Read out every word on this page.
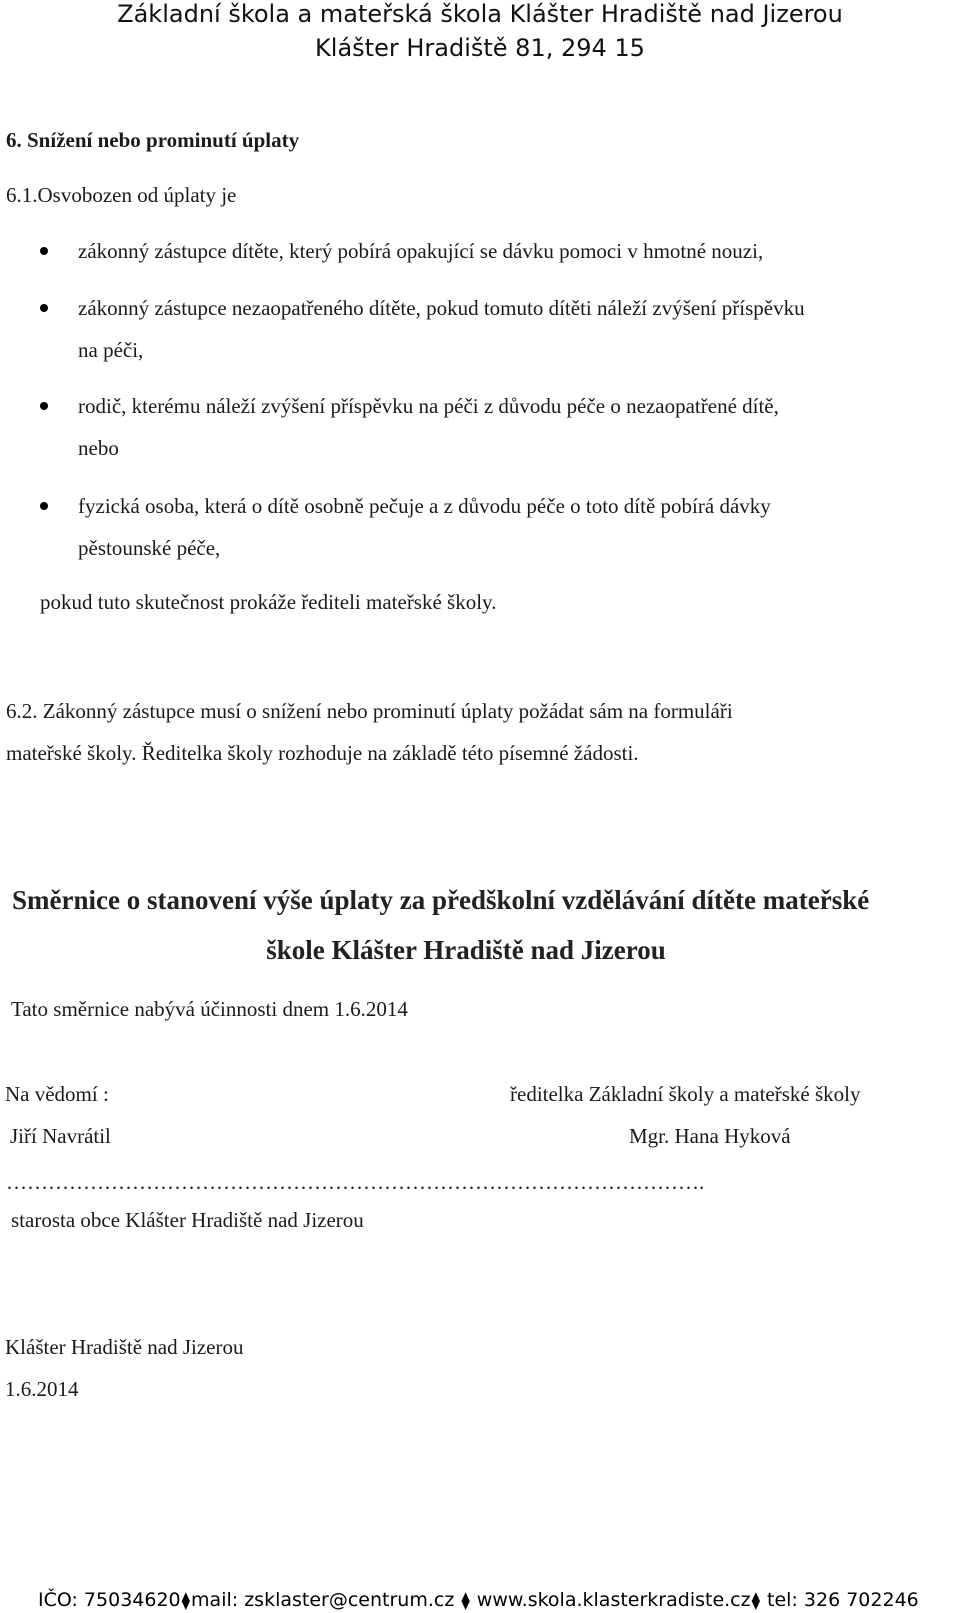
Základní škola a mateřská škola Klášter Hradiště nad Jizerou
Klášter Hradiště 81, 294 15
6. Snížení nebo prominutí úplaty
6.1.Osvobozen od úplaty je
zákonný zástupce dítěte, který pobírá opakující se dávku pomoci v hmotné nouzi,
zákonný zástupce nezaopatřeného dítěte, pokud tomuto dítěti náleží zvýšení příspěvku
na péči,
rodič, kterému náleží zvýšení příspěvku na péči z důvodu péče o nezaopatřené dítě,
nebo
fyzická osoba, která o dítě osobně pečuje a z důvodu péče o toto dítě pobírá dávky
pěstounské péče,
pokud tuto skutečnost prokáže řediteli mateřské školy.
6.2. Zákonný zástupce musí o snížení nebo prominutí úplaty požádat sám na formuláři
mateřské školy. Ředitelka školy rozhoduje na základě této písemné žádosti.
Směrnice o stanovení výše úplaty za předškolní vzdělávání dítěte mateřské
škole Klášter Hradiště nad Jizerou
Tato směrnice nabývá účinnosti dnem 1.6.2014
Na vědomí :	ředitelka Základní školy a mateřské školy
Jiří Navrátil	Mgr. Hana Hyková
……………………………………………………………………………………….
starosta obce Klášter Hradiště nad Jizerou
Klášter Hradiště nad Jizerou
1.6.2014
IČO: 75034620⧫mail: zsklaster@centrum.cz ⧫ www.skola.klasterkradiste.cz⧫ tel: 326 702246
